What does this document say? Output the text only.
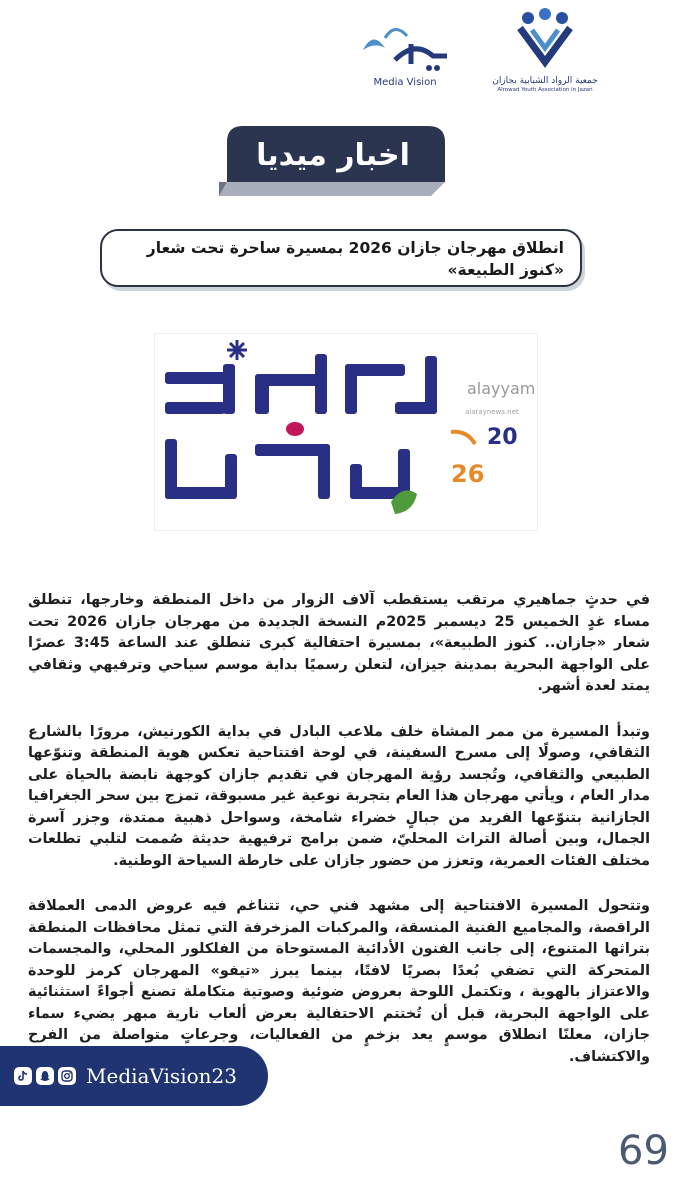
Media Vision	جمعية الرواد الشبابية بجازان
Alrowad Youth Association in Jazan
اخبار ميديا
انطلاق مهرجان جازان 2026 بمسيرة ساحرة تحت شعار «كنوز الطبيعة»
26
20
alayyam
alaraynews.net
مهرجان
جازان

في حدثٍ جماهيري مرتقب يستقطب آلاف الزوار من داخل المنطقة وخارجها، تنطلق مساء غدٍ الخميس 25 ديسمبر 2025م النسخة الجديدة من مهرجان جازان 2026 تحت شعار «جازان.. كنوز الطبيعة»، بمسيرة احتفالية كبرى تنطلق عند الساعة 3:45 عصرًا على الواجهة البحرية بمدينة جيزان، لتعلن رسميًا بداية موسم سياحي وترفيهي وثقافي يمتد لعدة أشهر.

وتبدأ المسيرة من ممر المشاة خلف ملاعب البادل في بداية الكورنيش، مرورًا بالشارع الثقافي، وصولًا إلى مسرح السفينة، في لوحة افتتاحية تعكس هوية المنطقة وتنوّعها الطبيعي والثقافي، وتُجسد رؤية المهرجان في تقديم جازان كوجهة نابضة بالحياة على مدار العام ، ويأتي مهرجان هذا العام بتجربة نوعية غير مسبوقة، تمزج بين سحر الجغرافيا الجازانية بتنوّعها الفريد من جبالٍ خضراء شامخة، وسواحل ذهبية ممتدة، وجزر آسرة الجمال، وبين أصالة التراث المحليّ، ضمن برامج ترفيهية حديثة صُممت لتلبي تطلعات مختلف الفئات العمرية، وتعزز من حضور جازان على خارطة السياحة الوطنية.

وتتحول المسيرة الافتتاحية إلى مشهد فني حي، تتناغم فيه عروض الدمى العملاقة الراقصة، والمجاميع الفنية المنسقة، والمركبات المزخرفة التي تمثل محافظات المنطقة بتراثها المتنوع، إلى جانب الفنون الأدائية المستوحاة من الفلكلور المحلي، والمجسمات المتحركة التي تضفي بُعدًا بصريًا لافتًا، بينما يبرز «تيفو» المهرجان كرمز للوحدة والاعتزاز بالهوية ، وتكتمل اللوحة بعروض ضوئية وصوتية متكاملة تصنع أجواءً استثنائية على الواجهة البحرية، قبل أن تُختتم الاحتفالية بعرض ألعاب نارية مبهر يضيء سماء جازان، معلنًا انطلاق موسمٍ يعد بزخمٍ من الفعاليات، وجرعاتٍ متواصلة من الفرح والاكتشاف.

MediaVision23
69
